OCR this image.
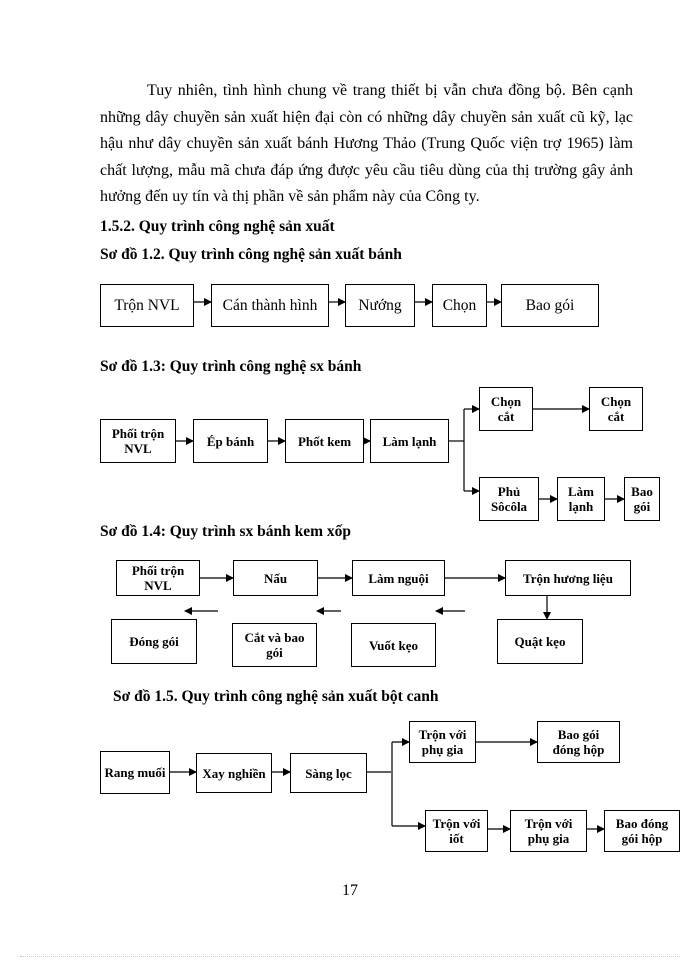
Tuy nhiên, tình hình chung về trang thiết bị vẫn chưa đồng bộ. Bên cạnh những dây chuyền sản xuất hiện đại còn có những dây chuyền sản xuất cũ kỹ, lạc hậu như dây chuyền sản xuất bánh Hương Thảo (Trung Quốc viện trợ 1965) làm chất lượng, mẫu mã chưa đáp ứng được yêu cầu tiêu dùng của thị trường gây ảnh hưởng đến uy tín và thị phần về sản phẩm này của Công ty.

1.5.2. Quy trình công nghệ sản xuất
Sơ đồ 1.2. Quy trình công nghệ sản xuất bánh
Trộn NVL	Cán thành hình	Nướng	Chọn	Bao gói
Sơ đồ 1.3: Quy trình công nghệ sx bánh
Phối trộn
NVL	Ép bánh	Phốt kem Làm lạnh
Chọn
cắt
Chọn
cắt
Phủ
Sôcôla
Làm
lạnh
Bao
gói
Sơ đồ 1.4: Quy trình sx bánh kem xốp
Phối trộn
NVL	Nấu	Làm nguội	Trộn hương liệu
Quật kẹo
Vuốt kẹo
Cắt và bao
gói
Đóng gói
Sơ đồ 1.5. Quy trình công nghệ sản xuất bột canh
Rang muối	Xay nghiền	Sàng lọc
Trộn với
phụ gia
Bao gói
đóng hộp
Trộn với
iốt
Trộn với
phụ gia
Bao đóng
gói hộp
17
